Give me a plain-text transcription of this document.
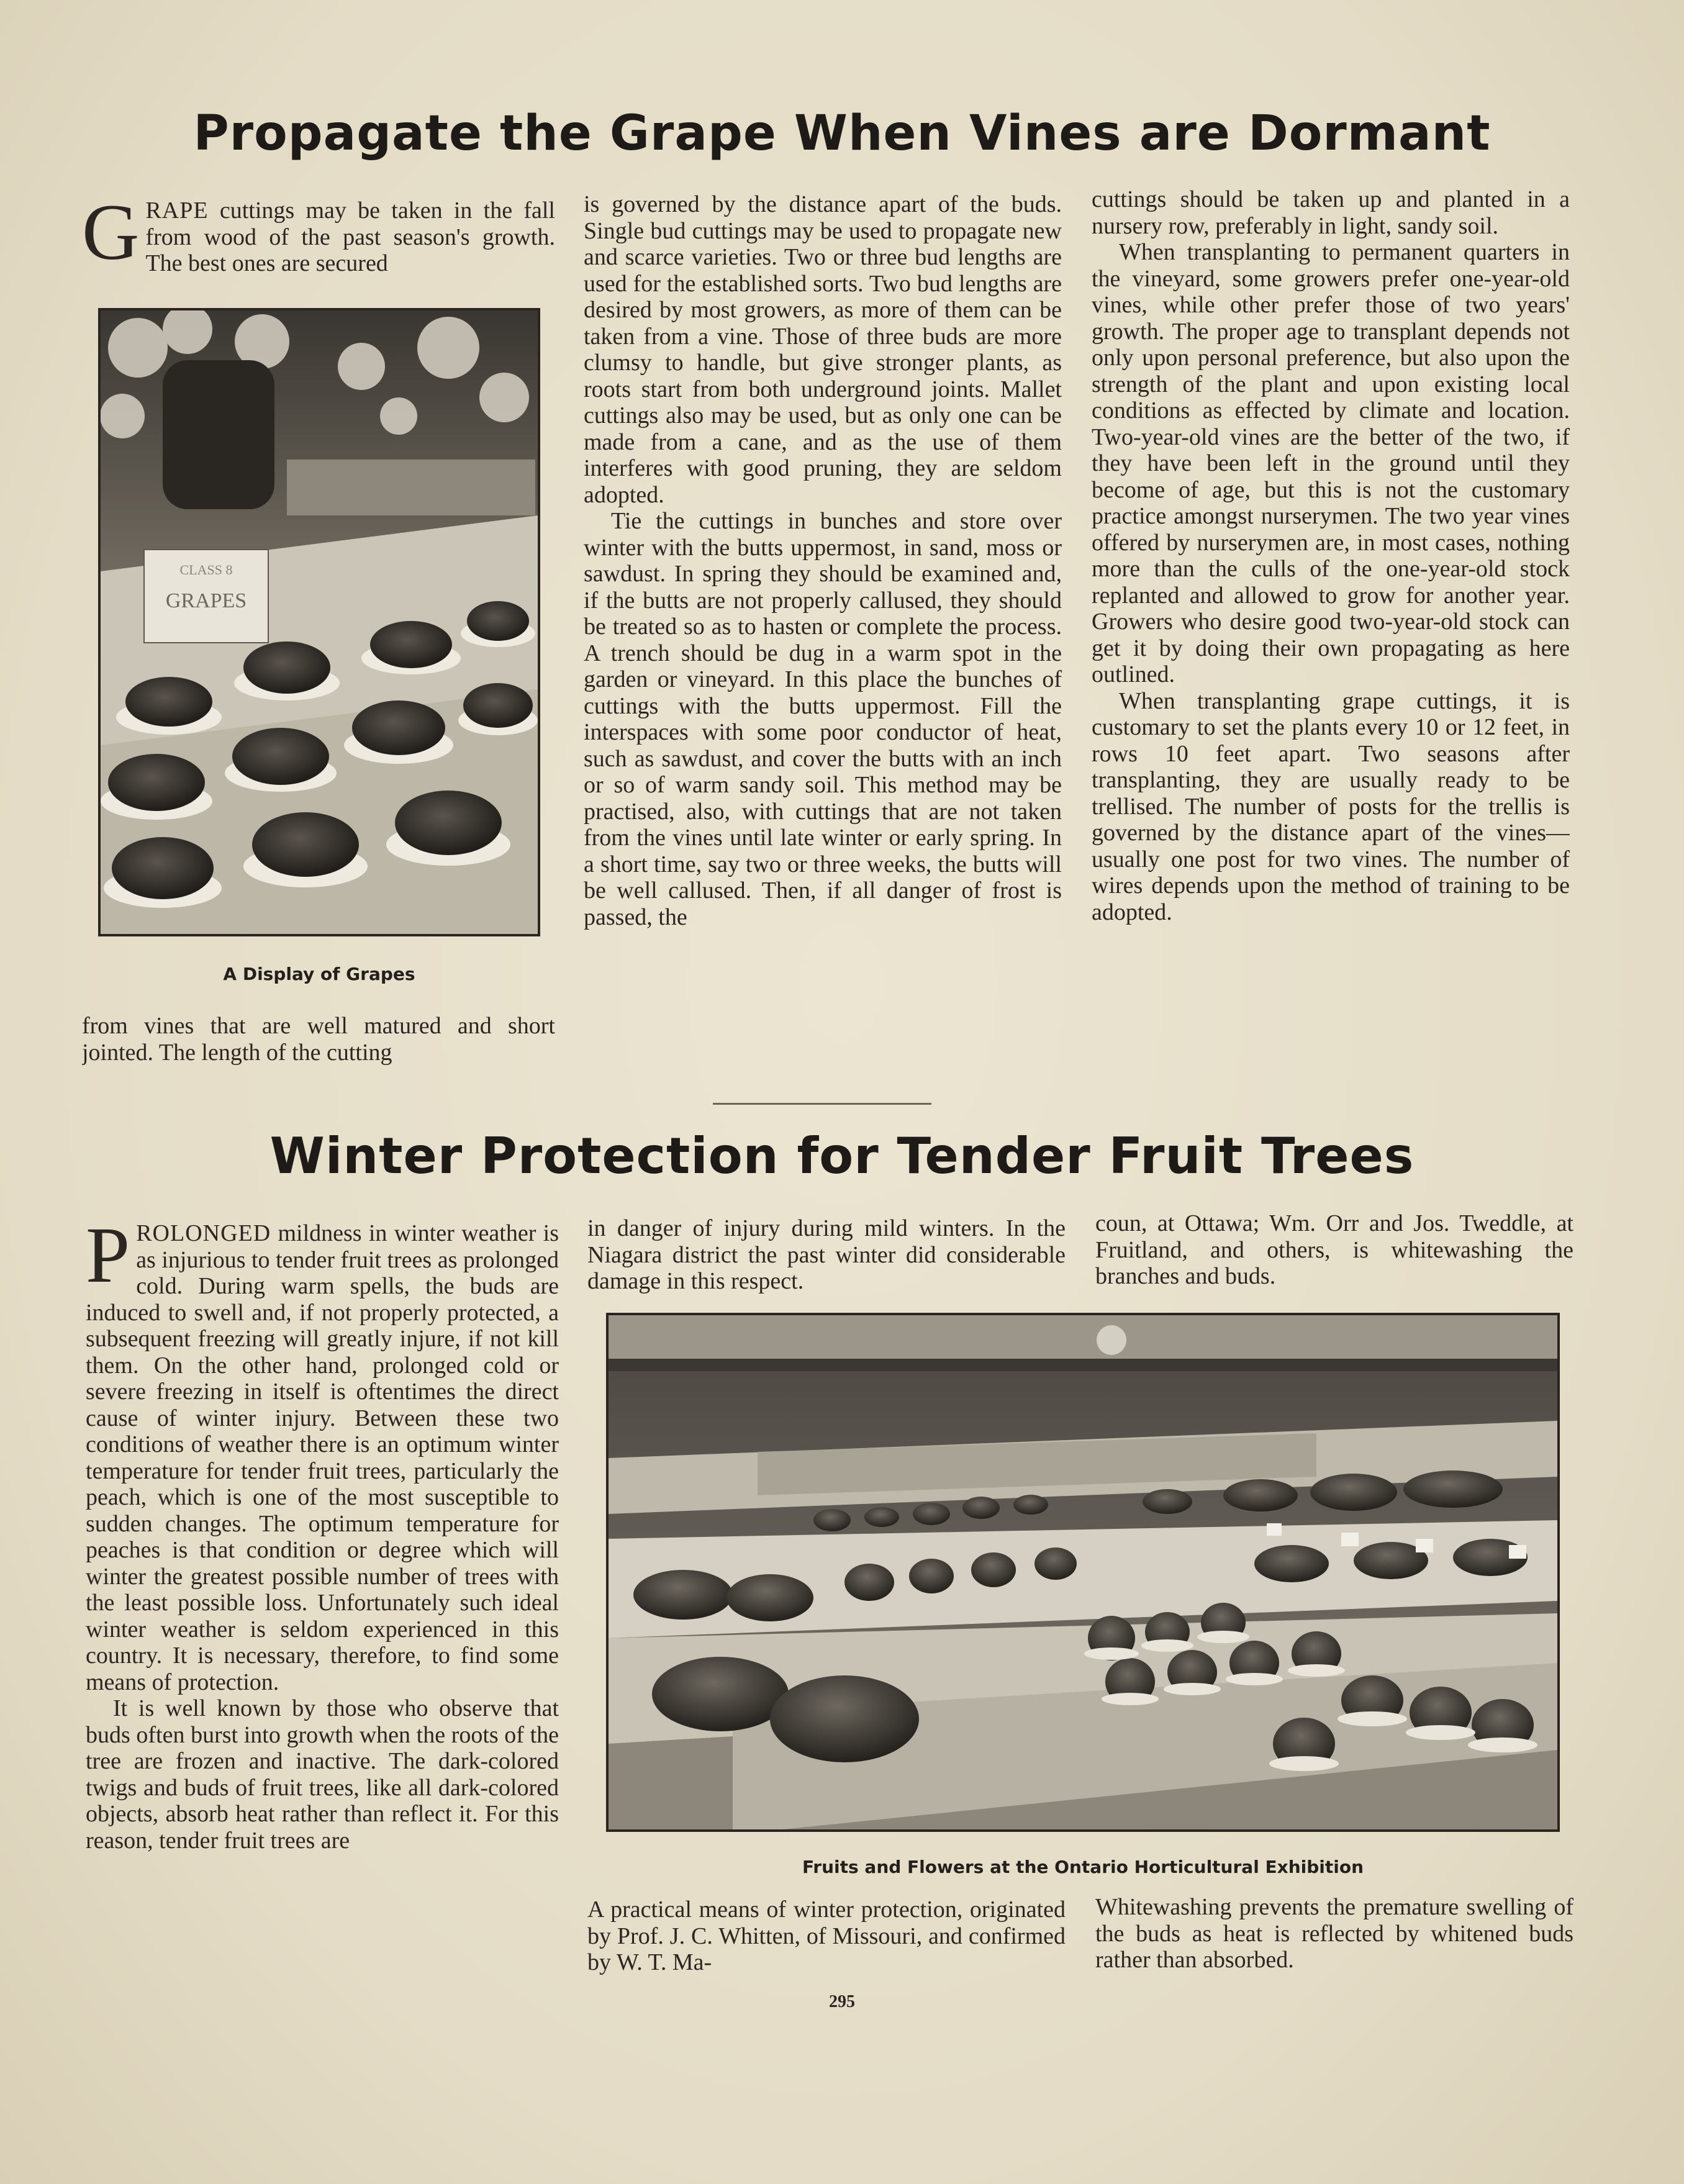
Propagate the Grape When Vines are Dormant
GRAPE cuttings may be taken in the fall from wood of the past season's growth. The best ones are secured
CLASS 8
GRAPES
A Display of Grapes
from vines that are well matured and short jointed. The length of the cutting

is governed by the distance apart of the buds. Single bud cuttings may be used to propagate new and scarce varieties. Two or three bud lengths are used for the established sorts. Two bud lengths are desired by most growers, as more of them can be taken from a vine. Those of three buds are more clumsy to handle, but give stronger plants, as roots start from both underground joints. Mallet cuttings also may be used, but as only one can be made from a cane, and as the use of them interferes with good pruning, they are seldom adopted.

Tie the cuttings in bunches and store over winter with the butts uppermost, in sand, moss or sawdust. In spring they should be examined and, if the butts are not properly callused, they should be treated so as to hasten or complete the process. A trench should be dug in a warm spot in the garden or vineyard. In this place the bunches of cuttings with the butts uppermost. Fill the interspaces with some poor conductor of heat, such as sawdust, and cover the butts with an inch or so of warm sandy soil. This method may be practised, also, with cuttings that are not taken from the vines until late winter or early spring. In a short time, say two or three weeks, the butts will be well callused. Then, if all danger of frost is passed, the

cuttings should be taken up and planted in a nursery row, preferably in light, sandy soil.

When transplanting to permanent quarters in the vineyard, some growers prefer one-year-old vines, while other prefer those of two years' growth. The proper age to transplant depends not only upon personal preference, but also upon the strength of the plant and upon existing local conditions as effected by climate and location. Two-year-old vines are the better of the two, if they have been left in the ground until they become of age, but this is not the customary practice amongst nurserymen. The two year vines offered by nurserymen are, in most cases, nothing more than the culls of the one-year-old stock replanted and allowed to grow for another year. Growers who desire good two-year-old stock can get it by doing their own propagating as here outlined.

When transplanting grape cuttings, it is customary to set the plants every 10 or 12 feet, in rows 10 feet apart. Two seasons after transplanting, they are usually ready to be trellised. The number of posts for the trellis is governed by the distance apart of the vines—usually one post for two vines. The number of wires depends upon the method of training to be adopted.

Winter Protection for Tender Fruit Trees

PROLONGED mildness in winter weather is as injurious to tender fruit trees as prolonged cold. During warm spells, the buds are induced to swell and, if not properly protected, a subsequent freezing will greatly injure, if not kill them. On the other hand, prolonged cold or severe freezing in itself is oftentimes the direct cause of winter injury. Between these two conditions of weather there is an optimum winter temperature for tender fruit trees, particularly the peach, which is one of the most susceptible to sudden changes. The optimum temperature for peaches is that condition or degree which will winter the greatest possible number of trees with the least possible loss. Unfortunately such ideal winter weather is seldom experienced in this country. It is necessary, therefore, to find some means of protection.

It is well known by those who observe that buds often burst into growth when the roots of the tree are frozen and inactive. The dark-colored twigs and buds of fruit trees, like all dark-colored objects, absorb heat rather than reflect it. For this reason, tender fruit trees are

in danger of injury during mild winters. In the Niagara district the past winter did considerable damage in this respect.
coun, at Ottawa; Wm. Orr and Jos. Tweddle, at Fruitland, and others, is whitewashing the branches and buds.
Fruits and Flowers at the Ontario Horticultural Exhibition
A practical means of winter protection, originated by Prof. J. C. Whitten, of Missouri, and confirmed by W. T. Ma-
Whitewashing prevents the premature swelling of the buds as heat is reflected by whitened buds rather than absorbed.
295
